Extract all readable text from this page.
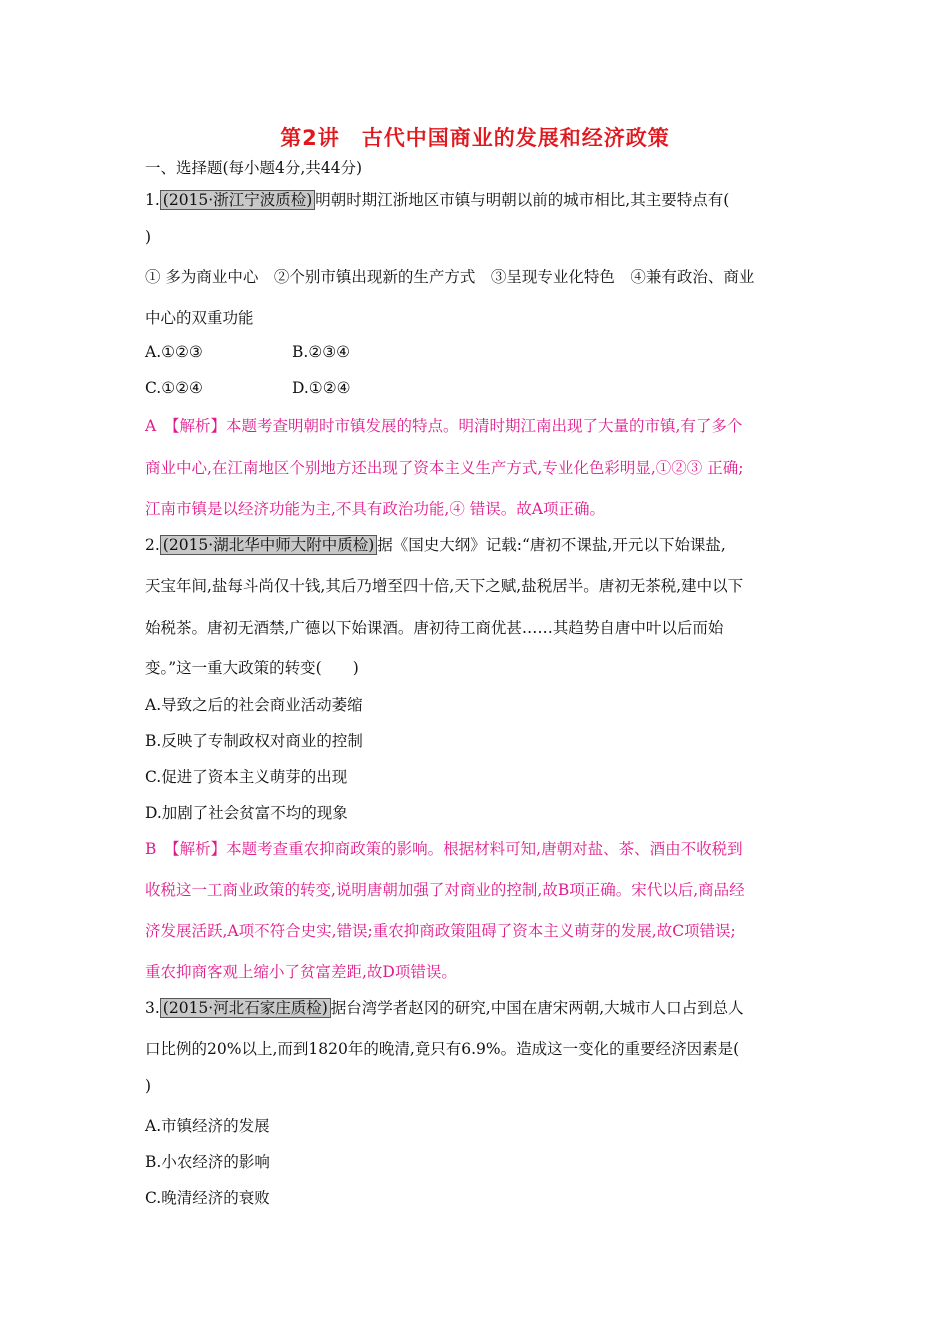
第2讲　古代中国商业的发展和经济政策
一、选择题(每小题4分,共44分)
1. (2015·浙江宁波质检) 明朝时期江浙地区市镇与明朝以前的城市相比,其主要特点有(
)
① 多为商业中心　②个别市镇出现新的生产方式　③呈现专业化特色　④兼有政治、商业
中心的双重功能
A.①②③	B.②③④
C.①②④	D.①②④
A　【解析】本题考查明朝时市镇发展的特点。明清时期江南出现了大量的市镇,有了多个
商业中心,在江南地区个别地方还出现了资本主义生产方式,专业化色彩明显,①②③ 正确;
江南市镇是以经济功能为主,不具有政治功能,④ 错误。故A项正确。
2. (2015·湖北华中师大附中质检) 据《国史大纲》记载:“唐初不课盐,开元以下始课盐,
天宝年间,盐每斗尚仅十钱,其后乃增至四十倍,天下之赋,盐税居半。唐初无茶税,建中以下
始税茶。唐初无酒禁,广德以下始课酒。唐初待工商优甚……其趋势自唐中叶以后而始
变。”这一重大政策的转变(　　)
A.导致之后的社会商业活动萎缩
B.反映了专制政权对商业的控制
C.促进了资本主义萌芽的出现
D.加剧了社会贫富不均的现象
B　【解析】本题考查重农抑商政策的影响。根据材料可知,唐朝对盐、茶、酒由不收税到
收税这一工商业政策的转变,说明唐朝加强了对商业的控制,故B项正确。宋代以后,商品经
济发展活跃,A项不符合史实,错误;重农抑商政策阻碍了资本主义萌芽的发展,故C项错误;
重农抑商客观上缩小了贫富差距,故D项错误。
3. (2015·河北石家庄质检) 据台湾学者赵冈的研究,中国在唐宋两朝,大城市人口占到总人
口比例的20%以上,而到1820年的晚清,竟只有6.9%。造成这一变化的重要经济因素是(
)
A.市镇经济的发展
B.小农经济的影响
C.晚清经济的衰败
